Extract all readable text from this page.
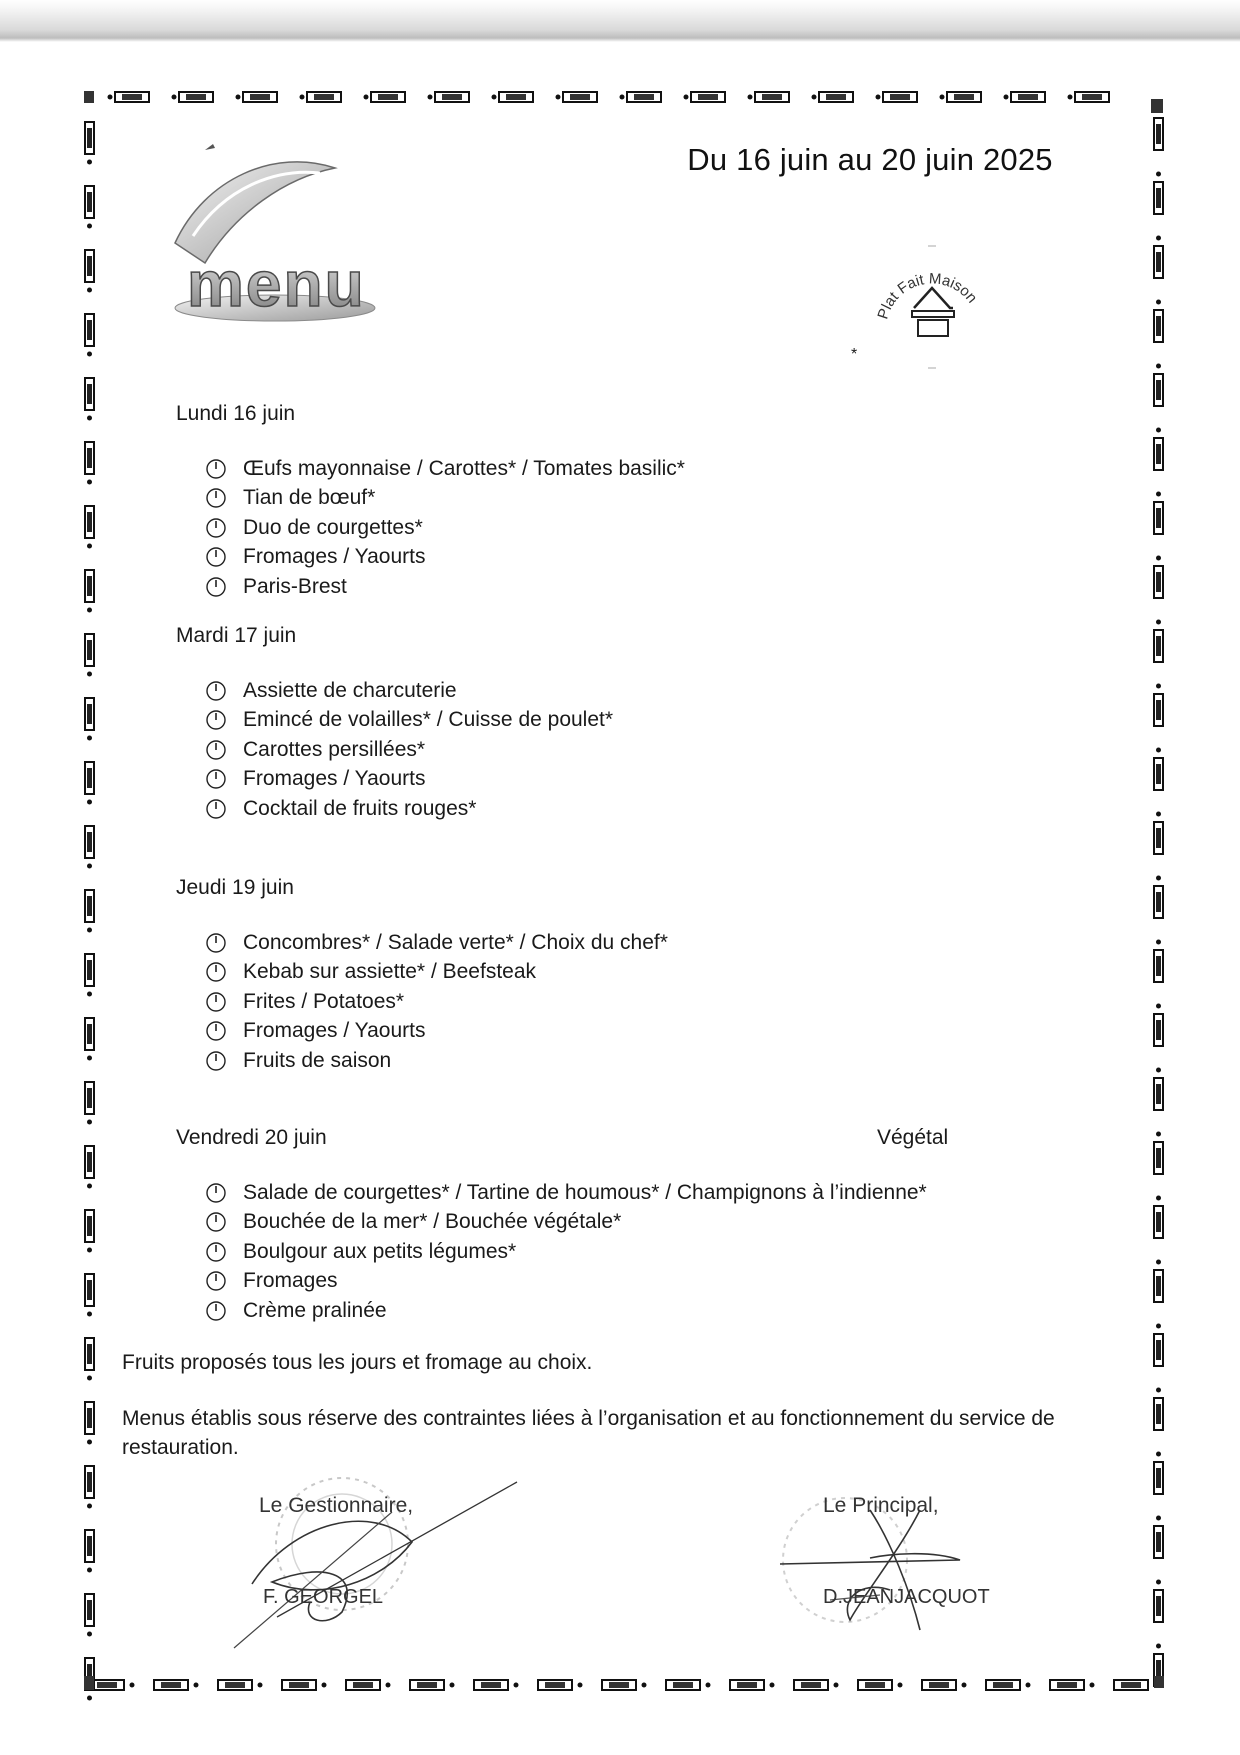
Du 16 juin au 20 juin 2025
menu	Plat Fait Maison
*
Lundi 16 juin
Œufs mayonnaise / Carottes* / Tomates basilic*
Tian de bœuf*
Duo de courgettes*
Fromages / Yaourts
Paris-Brest
Mardi 17 juin
Assiette de charcuterie
Emincé de volailles* / Cuisse de poulet*
Carottes persillées*
Fromages / Yaourts
Cocktail de fruits rouges*
Jeudi 19 juin
Concombres* / Salade verte* / Choix du chef*
Kebab sur assiette* / Beefsteak
Frites / Potatoes*
Fromages / Yaourts
Fruits de saison
Vendredi 20 juin	Végétal
Salade de courgettes* / Tartine de houmous* / Champignons à l’indienne*
Bouchée de la mer* / Bouchée végétale*
Boulgour aux petits légumes*
Fromages
Crème pralinée
Fruits proposés tous les jours et fromage au choix.
Menus établis sous réserve des contraintes liées à l’organisation et au fonctionnement du service de restauration.
Le Gestionnaire,
F. GEORGEL
Le Principal,
D.JEANJACQUOT
